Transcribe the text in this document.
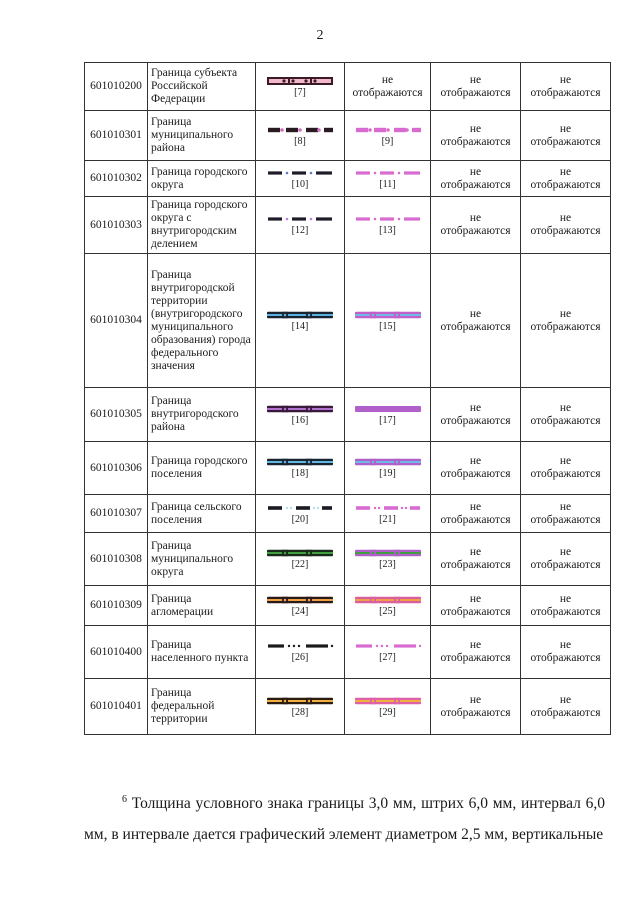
2
601010200	Граница субъекта Российской Федерации	[7]	не отображаются	не отображаются	не отображаются
601010301	Граница муниципального района	[8]	[9]	не отображаются	не отображаются
601010302	Граница городского округа	[10]	[11]	не отображаются	не отображаются
601010303	Граница городского округа с внутригородским делением	[12]	[13]	не отображаются	не отображаются
601010304	Граница внутригородской территории (внутригородского муниципального образования) города федерального значения	[14]	[15]	не отображаются	не отображаются
601010305	Граница внутригородского района	[16]	[17]	не отображаются	не отображаются
601010306	Граница городского поселения	[18]	[19]	не отображаются	не отображаются
601010307	Граница сельского поселения	[20]	[21]	не отображаются	не отображаются
601010308	Граница муниципального округа	[22]	[23]	не отображаются	не отображаются
601010309	Граница агломерации	[24]	[25]	не отображаются	не отображаются
601010400	Граница населенного пункта	[26]	[27]	не отображаются	не отображаются
601010401	Граница федеральной территории	[28]	[29]	не отображаются	не отображаются
$^6$ Толщина условного знака границы 3,0 мм, штрих 6,0 мм, интервал 6,0 мм, в интервале дается графический элемент диаметром 2,5 мм, вертикальные
